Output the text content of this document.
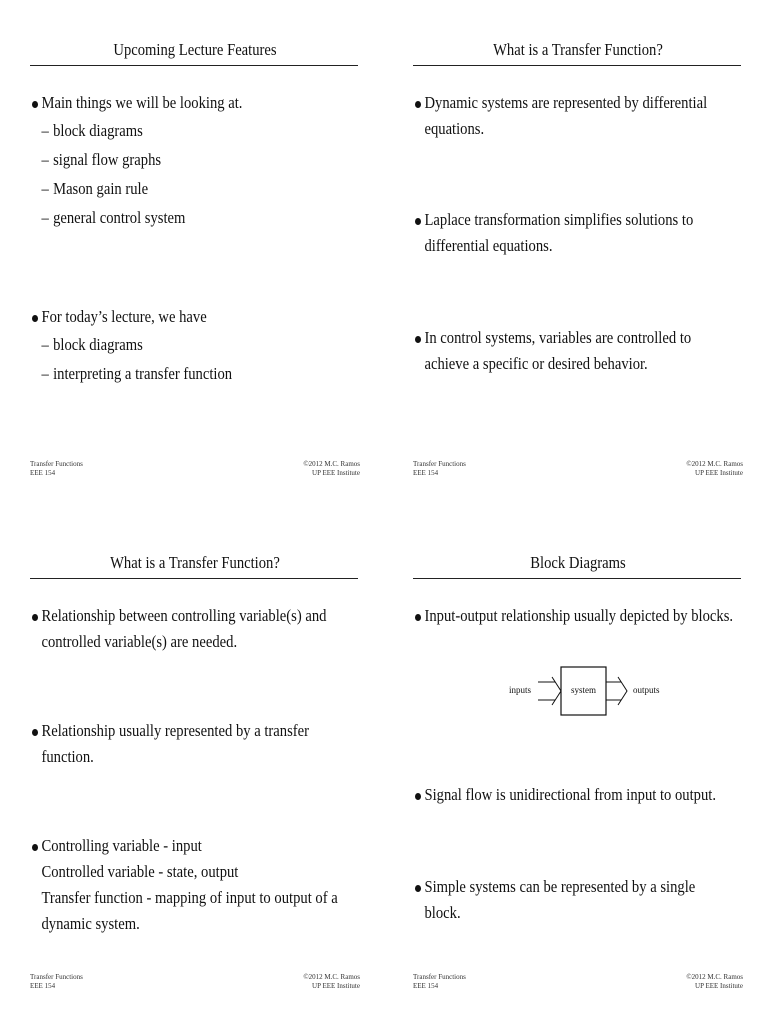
Upcoming Lecture Features
Main things we will be looking at.
– block diagrams
– signal flow graphs
– Mason gain rule
– general control system
For today’s lecture, we have
– block diagrams
– interpreting a transfer function
Transfer Functions
EEE 154
©2012 M.C. Ramos
UP EEE Institute
What is a Transfer Function?
Dynamic systems are represented by differential equations.
Laplace transformation simplifies solutions to differential equations.
In control systems, variables are controlled to achieve a specific or desired behavior.
Transfer Functions
EEE 154
©2012 M.C. Ramos
UP EEE Institute
What is a Transfer Function?
Relationship between controlling variable(s) and controlled variable(s) are needed.
Relationship usually represented by a transfer function.
Controlling variable - input
Controlled variable - state, output
Transfer function - mapping of input to output of a dynamic system.
Transfer Functions
EEE 154
©2012 M.C. Ramos
UP EEE Institute
Block Diagrams
Input-output relationship usually depicted by blocks.
Signal flow is unidirectional from input to output.
Simple systems can be represented by a single block.
inputs	system	outputs
Transfer Functions
EEE 154
©2012 M.C. Ramos
UP EEE Institute
